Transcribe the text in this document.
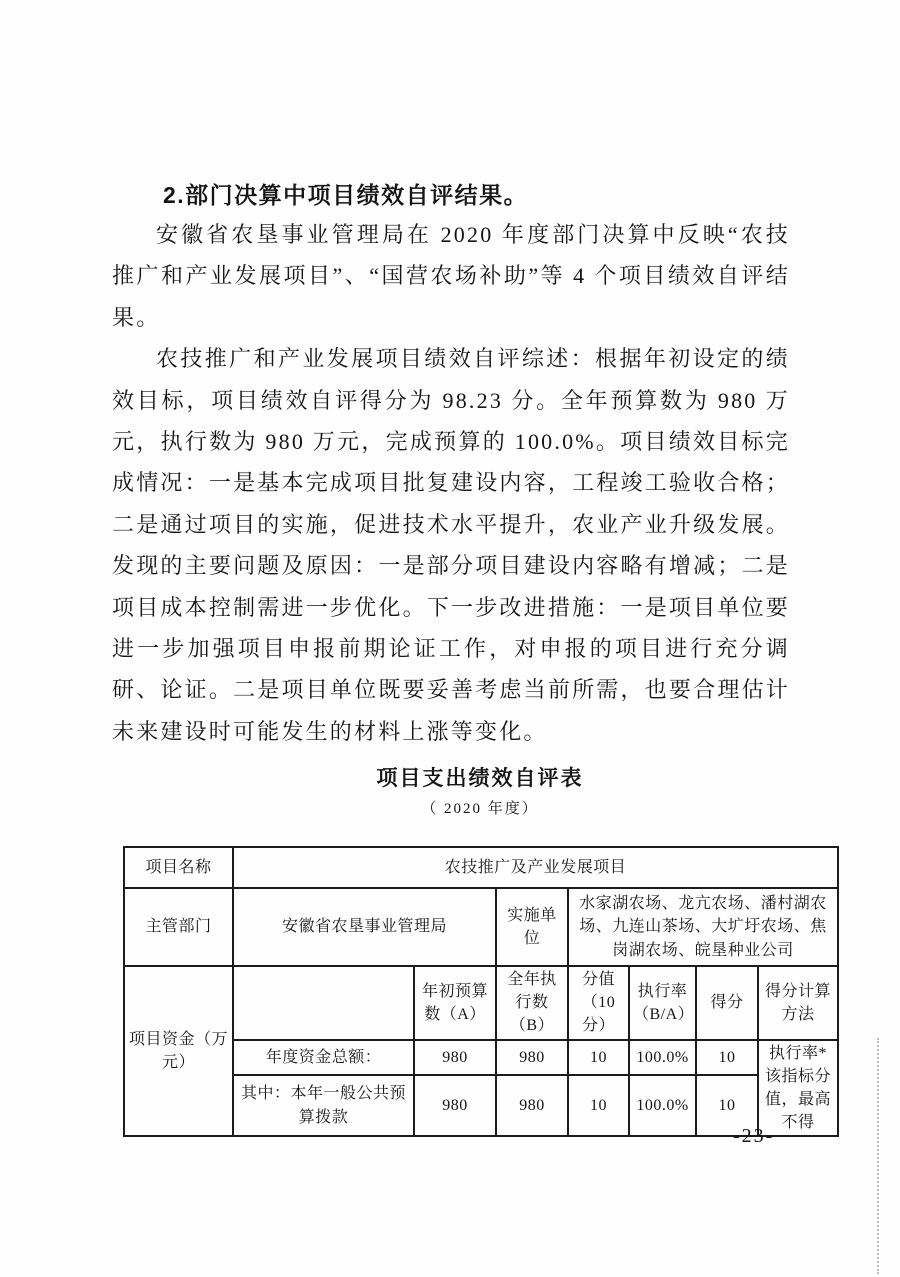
2.部门决算中项目绩效自评结果。

安徽省农垦事业管理局在 2020 年度部门决算中反映“农技推广和产业发展项目”、“国营农场补助”等 4 个项目绩效自评结果。

农技推广和产业发展项目绩效自评综述：根据年初设定的绩效目标，项目绩效自评得分为 98.23 分。全年预算数为 980 万元，执行数为 980 万元，完成预算的 100.0%。项目绩效目标完成情况：一是基本完成项目批复建设内容，工程竣工验收合格；二是通过项目的实施，促进技术水平提升，农业产业升级发展。发现的主要问题及原因：一是部分项目建设内容略有增减；二是项目成本控制需进一步优化。下一步改进措施：一是项目单位要进一步加强项目申报前期论证工作，对申报的项目进行充分调研、论证。二是项目单位既要妥善考虑当前所需，也要合理估计未来建设时可能发生的材料上涨等变化。

项目支出绩效自评表
（ 2020 年度）
项目名称	农技推广及产业发展项目						
主管部门	安徽省农垦事业管理局		实施单位	水家湖农场、龙亢农场、潘村湖农场、九连山茶场、大圹圩农场、焦岗湖农场、皖垦种业公司			
项目资金（万元）		年初预算数（A）	全年执行数（B）	分值（10分）	执行率（B/A）	得分	得分计算方法
	年度资金总额：	980	980	10	100.0%	10	执行率*该指标分值，最高不得
	其中：本年一般公共预算拨款	980	980	10	100.0%	10	
-23-
